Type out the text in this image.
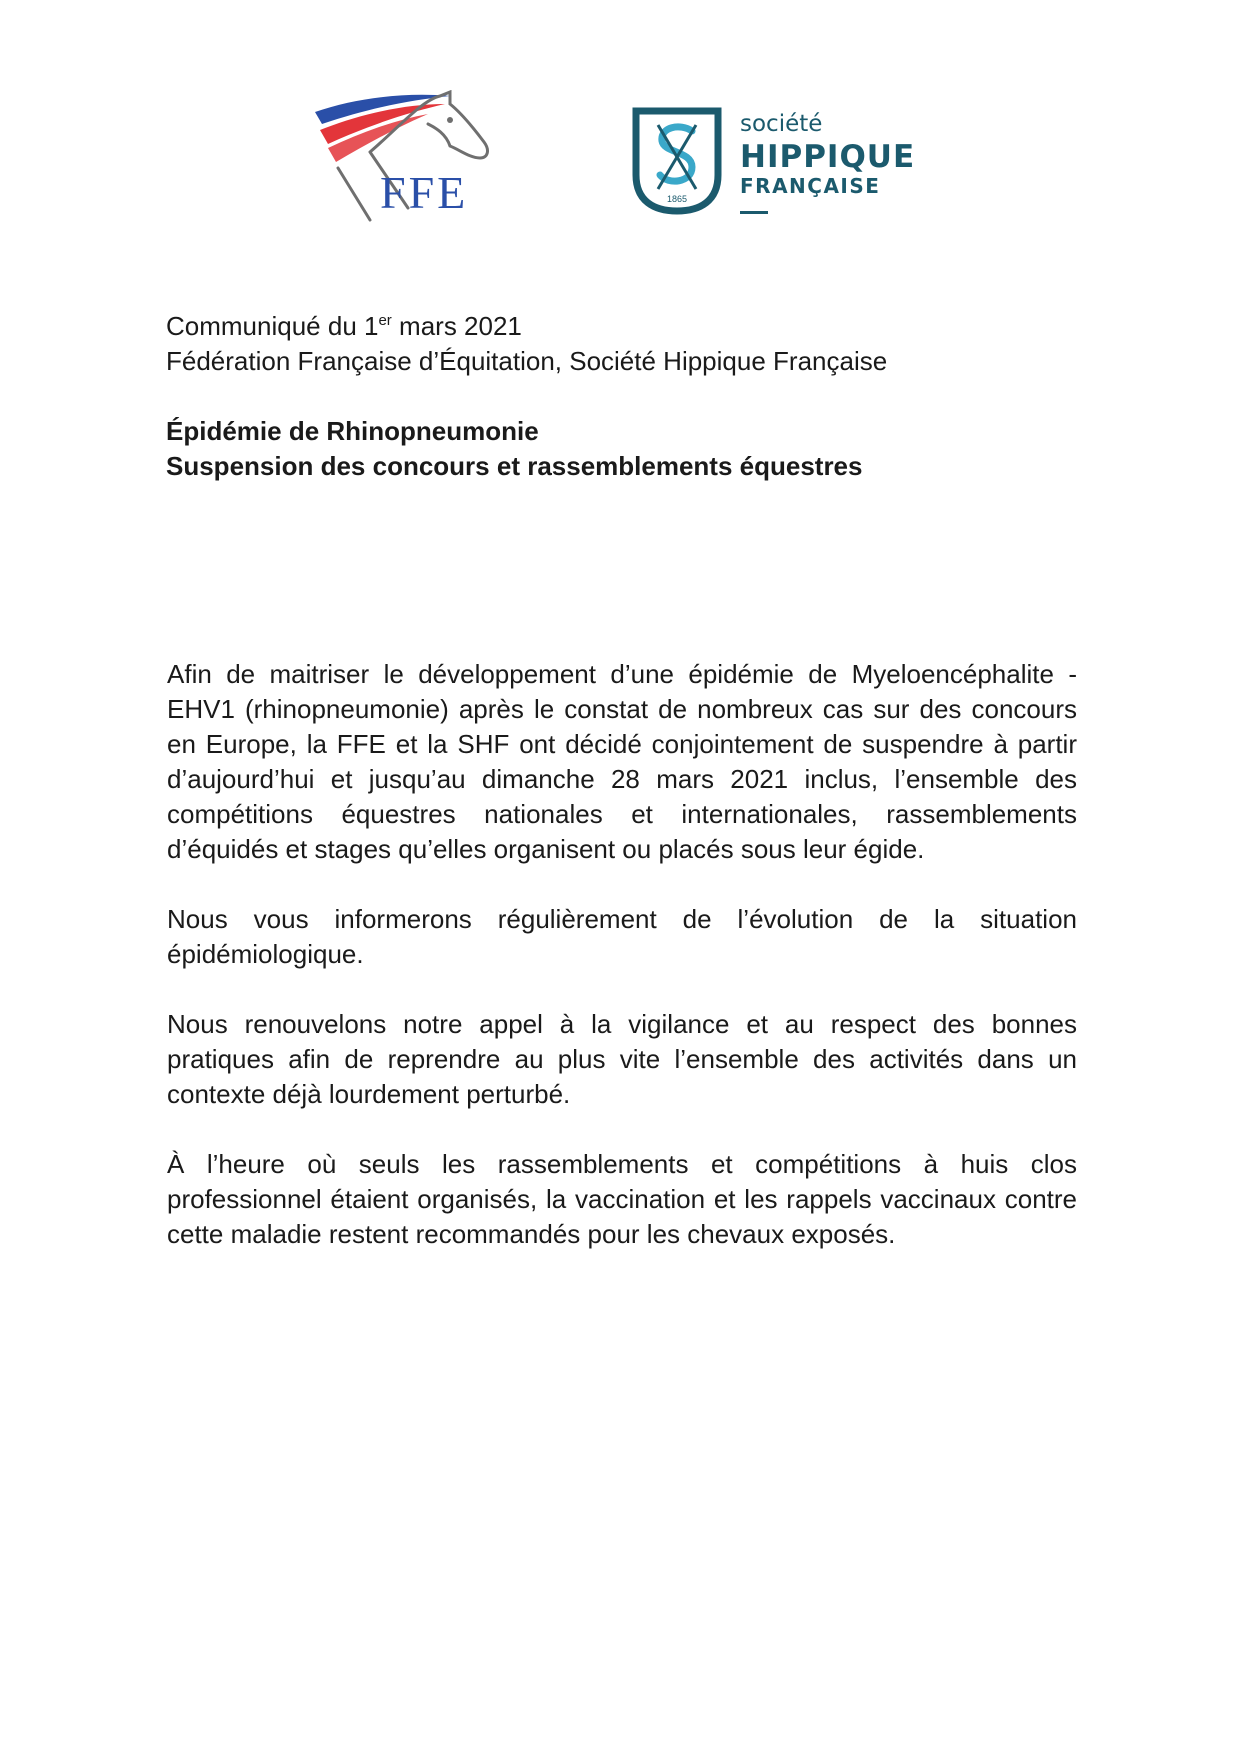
FFE	1865
société
HIPPIQUE
FRANÇAISE
Communiqué du 1er mars 2021
Fédération Française d’Équitation, Société Hippique Française
Épidémie de Rhinopneumonie
Suspension des concours et rassemblements équestres

Afin de maitriser le développement d’une épidémie de Myeloencéphalite - EHV1 (rhinopneumonie) après le constat de nombreux cas sur des concours en Europe, la FFE et la SHF ont décidé conjointement de suspendre à partir d’aujourd’hui et jusqu’au dimanche 28 mars 2021 inclus, l’ensemble des compétitions équestres nationales et internationales, rassemblements d’équidés et stages qu’elles organisent ou placés sous leur égide.

Nous vous informerons régulièrement de l’évolution de la situation épidémiologique.

Nous renouvelons notre appel à la vigilance et au respect des bonnes pratiques afin de reprendre au plus vite l’ensemble des activités dans un contexte déjà lourdement perturbé.

À l’heure où seuls les rassemblements et compétitions à huis clos professionnel étaient organisés, la vaccination et les rappels vaccinaux contre cette maladie restent recommandés pour les chevaux exposés.
